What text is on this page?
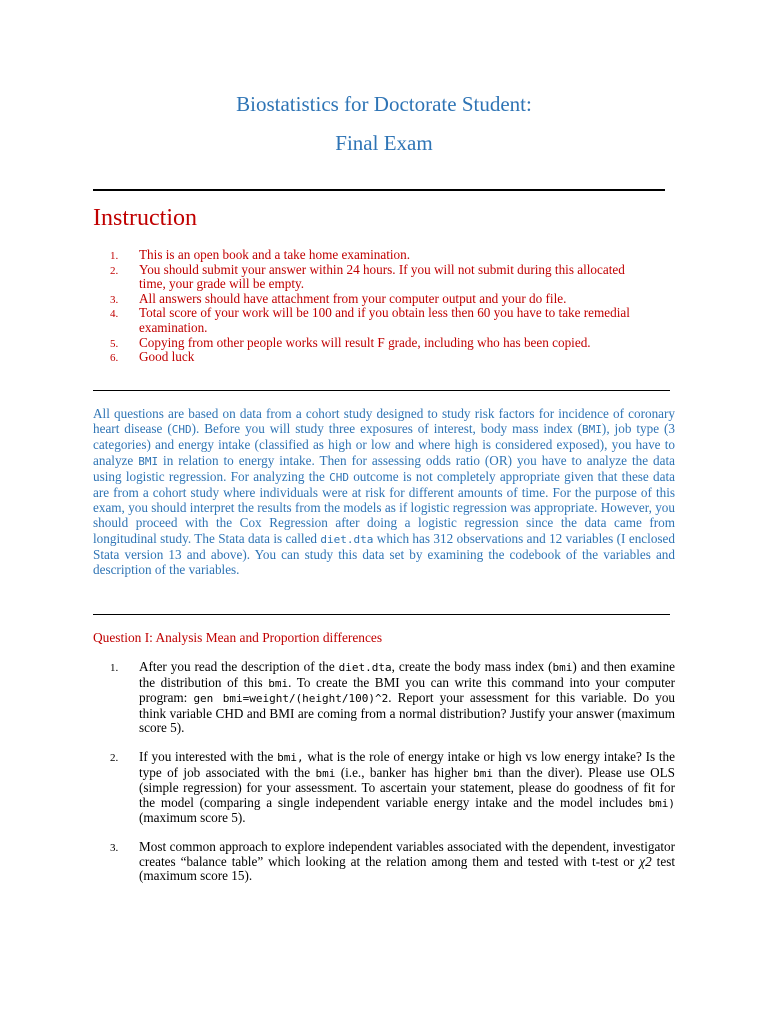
Biostatistics for Doctorate Student:
Final Exam
Instruction
1. This is an open book and a take home examination.
2. You should submit your answer within 24 hours. If you will not submit during this allocated time, your grade will be empty.
3. All answers should have attachment from your computer output and your do file.
4. Total score of your work will be 100 and if you obtain less then 60 you have to take remedial examination.
5. Copying from other people works will result F grade, including who has been copied.
6. Good luck

All questions are based on data from a cohort study designed to study risk factors for incidence of coronary heart disease (CHD). Before you will study three exposures of interest, body mass index (BMI), job type (3 categories) and energy intake (classified as high or low and where high is considered exposed), you have to analyze BMI in relation to energy intake. Then for assessing odds ratio (OR) you have to analyze the data using logistic regression. For analyzing the CHD outcome is not completely appropriate given that these data are from a cohort study where individuals were at risk for different amounts of time. For the purpose of this exam, you should interpret the results from the models as if logistic regression was appropriate. However, you should proceed with the Cox Regression after doing a logistic regression since the data came from longitudinal study. The Stata data is called diet.dta which has 312 observations and 12 variables (I enclosed Stata version 13 and above). You can study this data set by examining the codebook of the variables and description of the variables.

Question I: Analysis Mean and Proportion differences
1. After you read the description of the diet.dta, create the body mass index (bmi) and then examine the distribution of this bmi. To create the BMI you can write this command into your computer program: gen bmi=weight/(height/100)^2. Report your assessment for this variable. Do you think variable CHD and BMI are coming from a normal distribution? Justify your answer (maximum score 5).
2. If you interested with the bmi, what is the role of energy intake or high vs low energy intake? Is the type of job associated with the bmi (i.e., banker has higher bmi than the diver). Please use OLS (simple regression) for your assessment. To ascertain your statement, please do goodness of fit for the model (comparing a single independent variable energy intake and the model includes bmi) (maximum score 5).
3. Most common approach to explore independent variables associated with the dependent, investigator creates “balance table” which looking at the relation among them and tested with t-test or χ2 test (maximum score 15).
